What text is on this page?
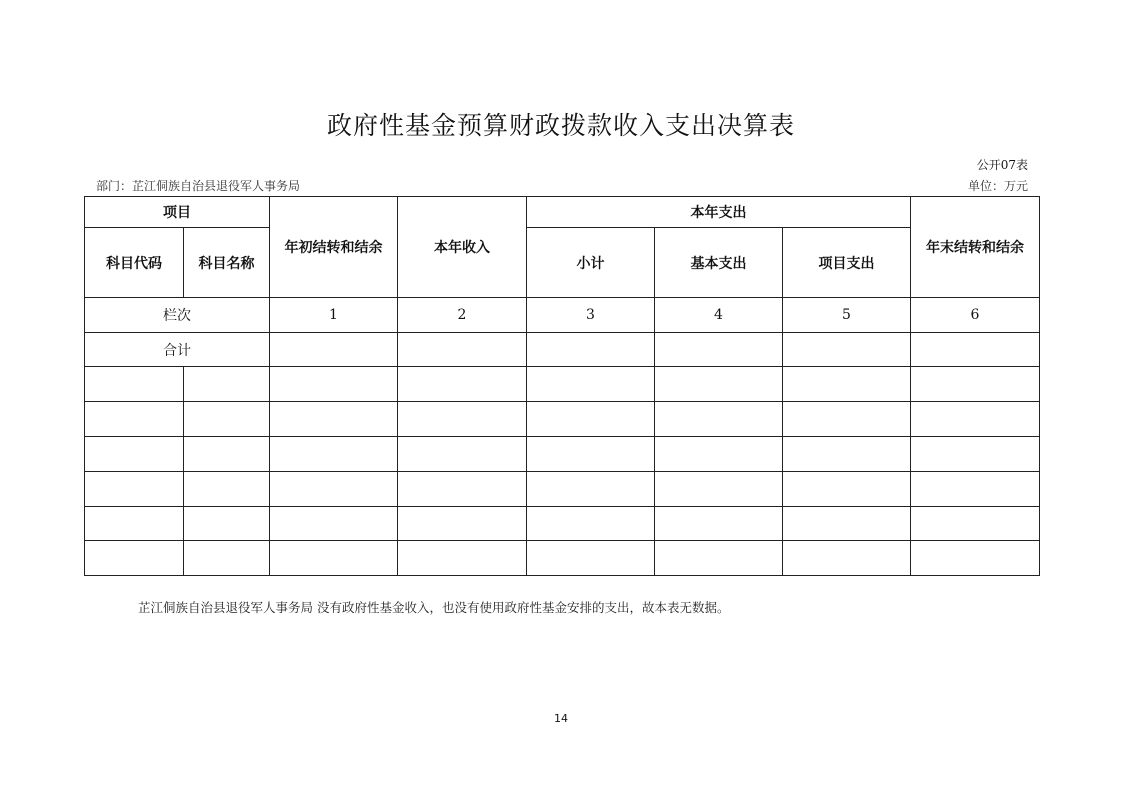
政府性基金预算财政拨款收入支出决算表
公开07表
部门：芷江侗族自治县退役军人事务局	单位：万元
项目		年初结转和结余	本年收入	本年支出			年末结转和结余
科目代码	科目名称			小计	基本支出	项目支出	
栏次		1	2	3	4	5	6
合计							

芷江侗族自治县退役军人事务局 没有政府性基金收入，也没有使用政府性基金安排的支出，故本表无数据。
14
